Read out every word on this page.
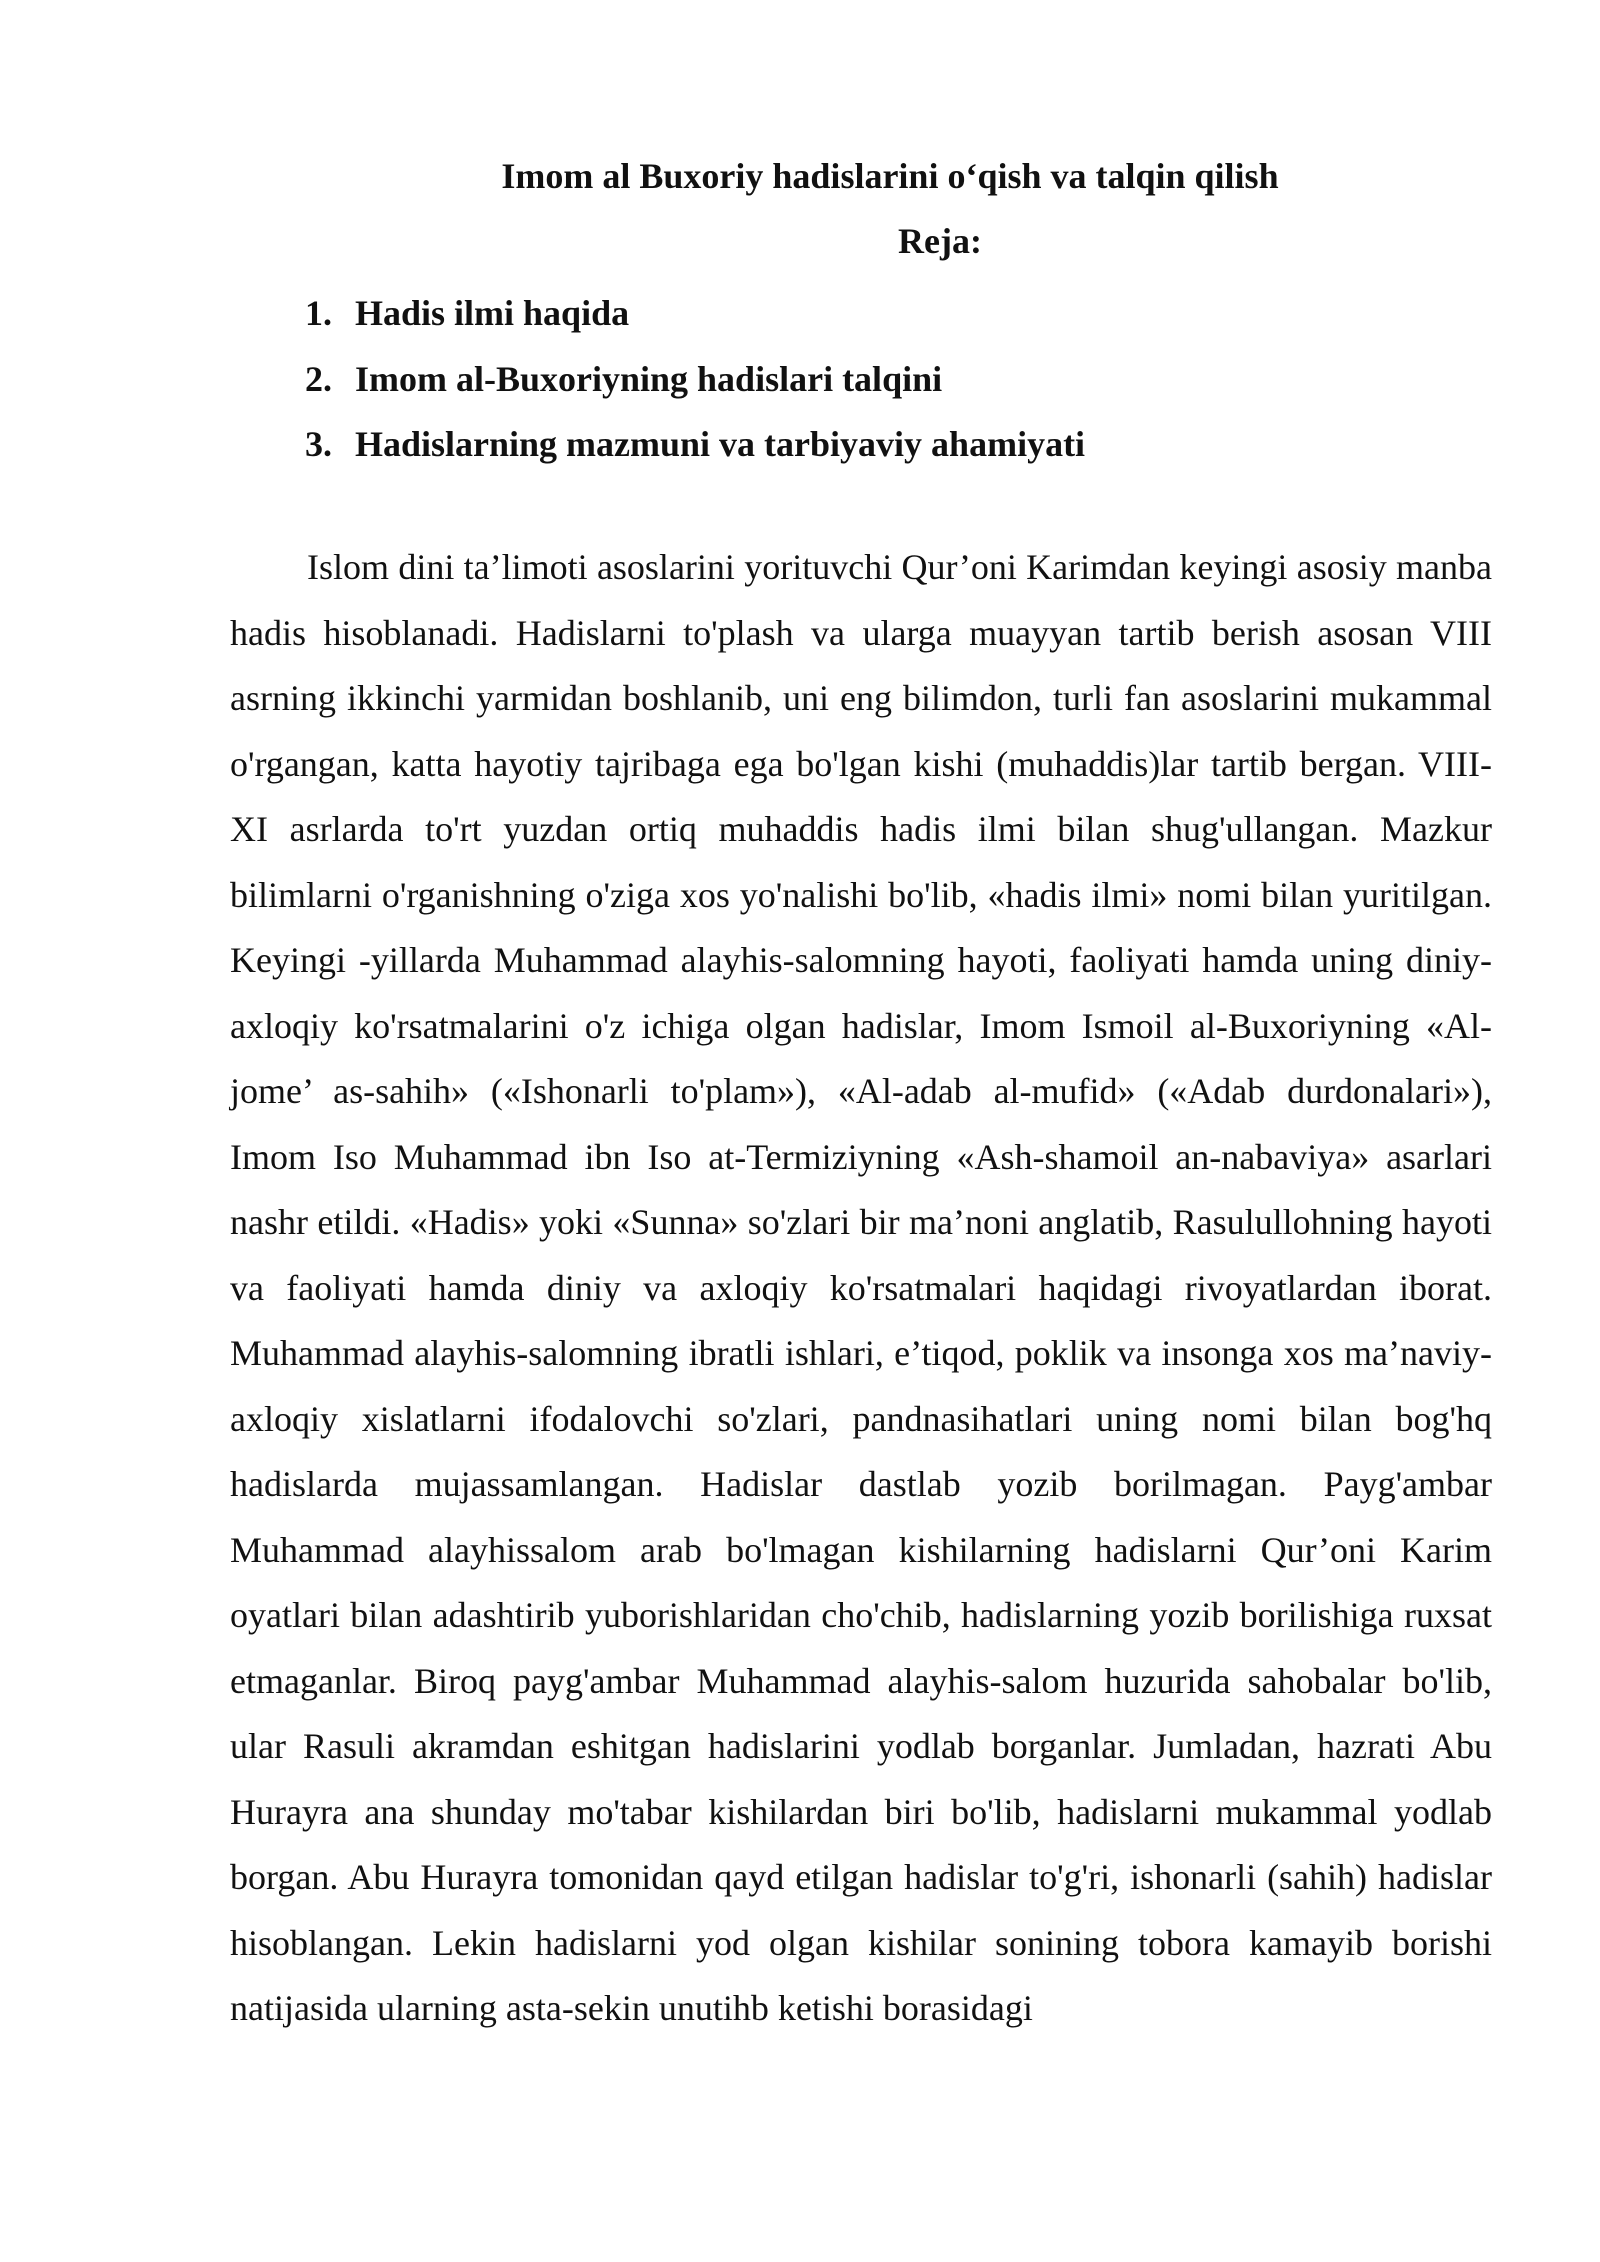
Imom al Buxoriy hadislarini o‘qish va talqin qilish
Reja:
1. Hadis ilmi haqida
2. Imom al-Buxoriyning hadislari talqini
3. Hadislarning mazmuni va tarbiyaviy ahamiyati

Islom dini ta’limoti asoslarini yorituvchi Qur’oni Karimdan keyingi asosiy manba hadis hisoblanadi. Hadislarni to'plash va ularga muayyan tartib berish asosan VIII asrning ikkinchi yarmidan boshlanib, uni eng bilimdon, turli fan asoslarini mukammal o'rgangan, katta hayotiy tajribaga ega bo'lgan kishi (muhaddis)lar tartib bergan. VIII-XI asrlarda to'rt yuzdan ortiq muhaddis hadis ilmi bilan shug'ullangan. Mazkur bilimlarni o'rganishning o'ziga xos yo'nalishi bo'lib, «hadis ilmi» nomi bilan yuritilgan. Keyingi -yillarda Muhammad alayhis-salomning hayoti, faoliyati hamda uning diniy-axloqiy ko'rsatmalarini o'z ichiga olgan hadislar, Imom Ismoil al-Buxoriyning «Al-jome’ as-sahih» («Ishonarli to'plam»), «Al-adab al-mufid» («Adab durdonalari»), Imom Iso Muhammad ibn Iso at-Termiziyning «Ash-shamoil an-nabaviya» asarlari nashr etildi. «Hadis» yoki «Sunna» so'zlari bir ma’noni anglatib, Rasulullohning hayoti va faoliyati hamda diniy va axloqiy ko'rsatmalari haqidagi rivoyatlardan iborat. Muhammad alayhis-salomning ibratli ishlari, e’tiqod, poklik va insonga xos ma’naviy-axloqiy xislatlarni ifodalovchi so'zlari, pandnasihatlari uning nomi bilan bog'hq hadislarda mujassamlangan. Hadislar dastlab yozib borilmagan. Payg'ambar Muhammad alayhissalom arab bo'lmagan kishilarning hadislarni Qur’oni Karim oyatlari bilan adashtirib yuborishlaridan cho'chib, hadislarning yozib borilishiga ruxsat etmaganlar. Biroq payg'ambar Muhammad alayhis-salom huzurida sahobalar bo'lib, ular Rasuli akramdan eshitgan hadislarini yodlab borganlar. Jumladan, hazrati Abu Hurayra ana shunday mo'tabar kishilardan biri bo'lib, hadislarni mukammal yodlab borgan. Abu Hurayra tomonidan qayd etilgan hadislar to'g'ri, ishonarli (sahih) hadislar hisoblangan. Lekin hadislarni yod olgan kishilar sonining tobora kamayib borishi natijasida ularning asta-sekin unutihb ketishi borasidagi
